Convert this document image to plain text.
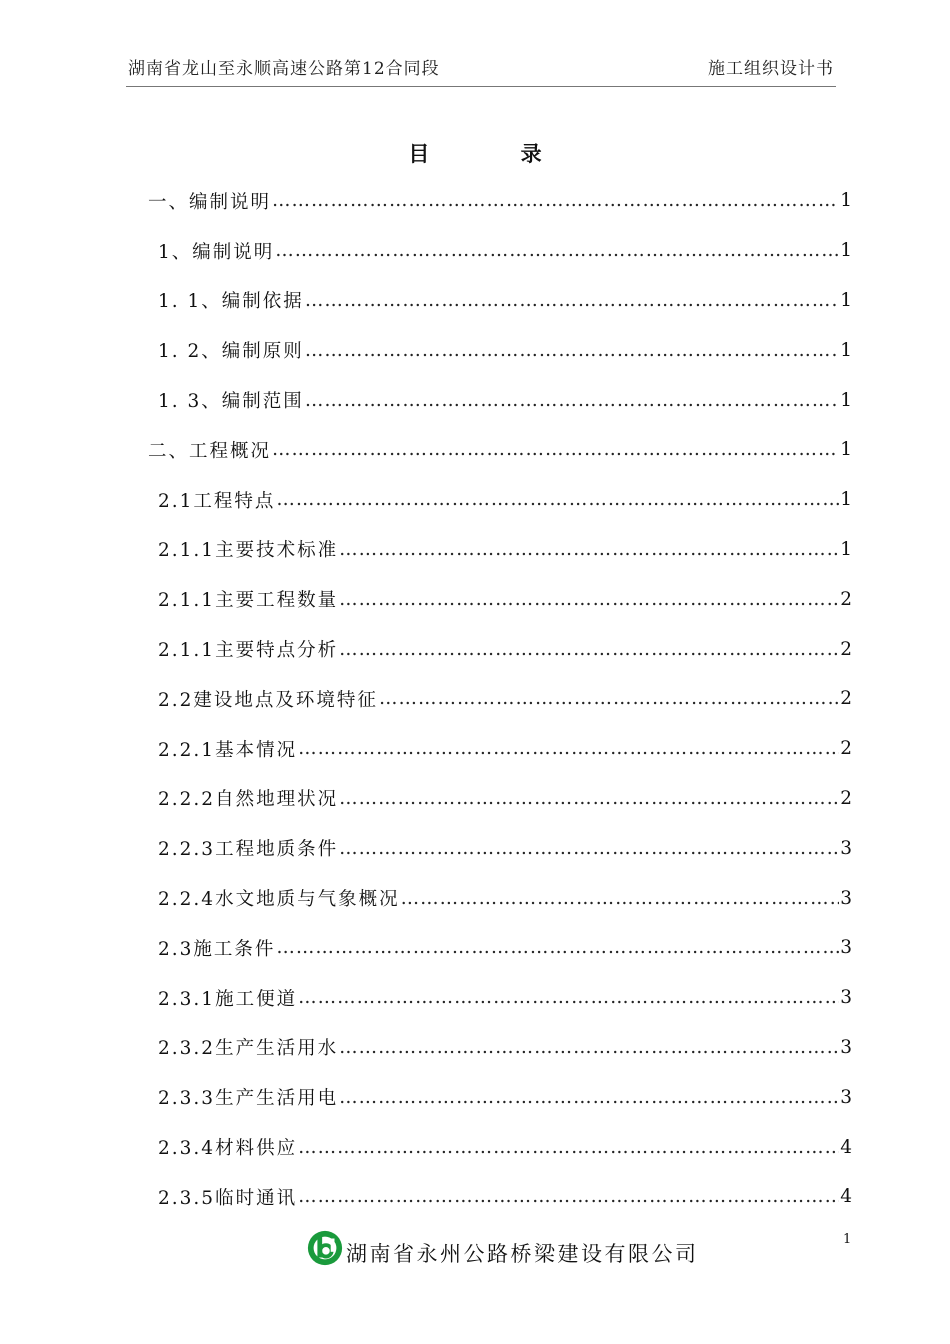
湖南省龙山至永顺高速公路第12合同段	施工组织设计书
目 录
一、编制说明 ……………………………………………………………………………………………………………………………	1
1、编制说明 ……………………………………………………………………………………………………………………………	1
1. 1、编制依据 ……………………………………………………………………………………………………………………………	1
1. 2、编制原则 ……………………………………………………………………………………………………………………………	1
1. 3、编制范围 ……………………………………………………………………………………………………………………………	1
二、工程概况 ……………………………………………………………………………………………………………………………	1
2.1工程特点 ……………………………………………………………………………………………………………………………	1
2.1.1主要技术标准 ……………………………………………………………………………………………………………………………	1
2.1.1主要工程数量 ……………………………………………………………………………………………………………………………	2
2.1.1主要特点分析 ……………………………………………………………………………………………………………………………	2
2.2建设地点及环境特征 ……………………………………………………………………………………………………………………………	2
2.2.1基本情况 ……………………………………………………………………………………………………………………………	2
2.2.2自然地理状况 ……………………………………………………………………………………………………………………………	2
2.2.3工程地质条件 ……………………………………………………………………………………………………………………………	3
2.2.4水文地质与气象概况 ……………………………………………………………………………………………………………………………	3
2.3施工条件 ……………………………………………………………………………………………………………………………	3
2.3.1施工便道 ……………………………………………………………………………………………………………………………	3
2.3.2生产生活用水 ……………………………………………………………………………………………………………………………	3
2.3.3生产生活用电 ……………………………………………………………………………………………………………………………	3
2.3.4材料供应 ……………………………………………………………………………………………………………………………	4
2.3.5临时通讯 ……………………………………………………………………………………………………………………………	4
湖南省永州公路桥梁建设有限公司
1
